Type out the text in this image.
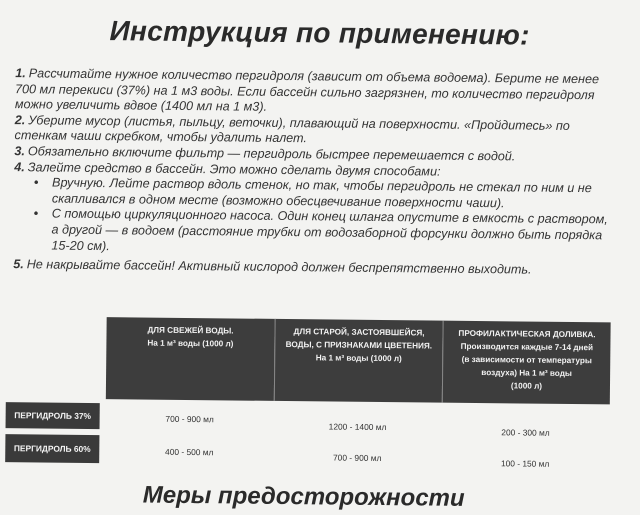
Инструкция по применению:

1. Рассчитайте нужное количество пергидроля (зависит от объема водоема). Берите не менее 700 мл перекиси (37%) на 1 м3 воды. Если бассейн сильно загрязнен, то количество пергидроля можно увеличить вдвое (1400 мл на 1 м3).

2. Уберите мусор (листья, пыльцу, веточки), плавающий на поверхности. «Пройдитесь» по стенкам чаши скребком, чтобы удалить налет.

3. Обязательно включите фильтр — пергидроль быстрее перемешается с водой.

4. Залейте средство в бассейн. Это можно сделать двумя способами:

• Вручную. Лейте раствор вдоль стенок, но так, чтобы пергидроль не стекал по ним и не скапливался в одном месте (возможно обесцвечивание поверхности чаши).
• С помощью циркуляционного насоса. Один конец шланга опустите в емкость с раствором, а другой — в водоем (расстояние трубки от водозаборной форсунки должно быть порядка 15-20 см).

5. Не накрывайте бассейн! Активный кислород должен беспрепятственно выходить.

ДЛЯ СВЕЖЕЙ ВОДЫ.
На 1 м³ воды (1000 л)
ДЛЯ СТАРОЙ, ЗАСТОЯВШЕЙСЯ,
ВОДЫ, С ПРИЗНАКАМИ ЦВЕТЕНИЯ.
На 1 м³ воды (1000 л)
ПРОФИЛАКТИЧЕСКАЯ ДОЛИВКА.
Производится каждые 7-14 дней
(в зависимости от температуры
воздуха) На 1 м³ воды
(1000 л)
ПЕРГИДРОЛЬ 37%
ПЕРГИДРОЛЬ 60%
700 - 900 мл
1200 - 1400 мл
200 - 300 мл
400 - 500 мл
700 - 900 мл
100 - 150 мл
Меры предосторожности
